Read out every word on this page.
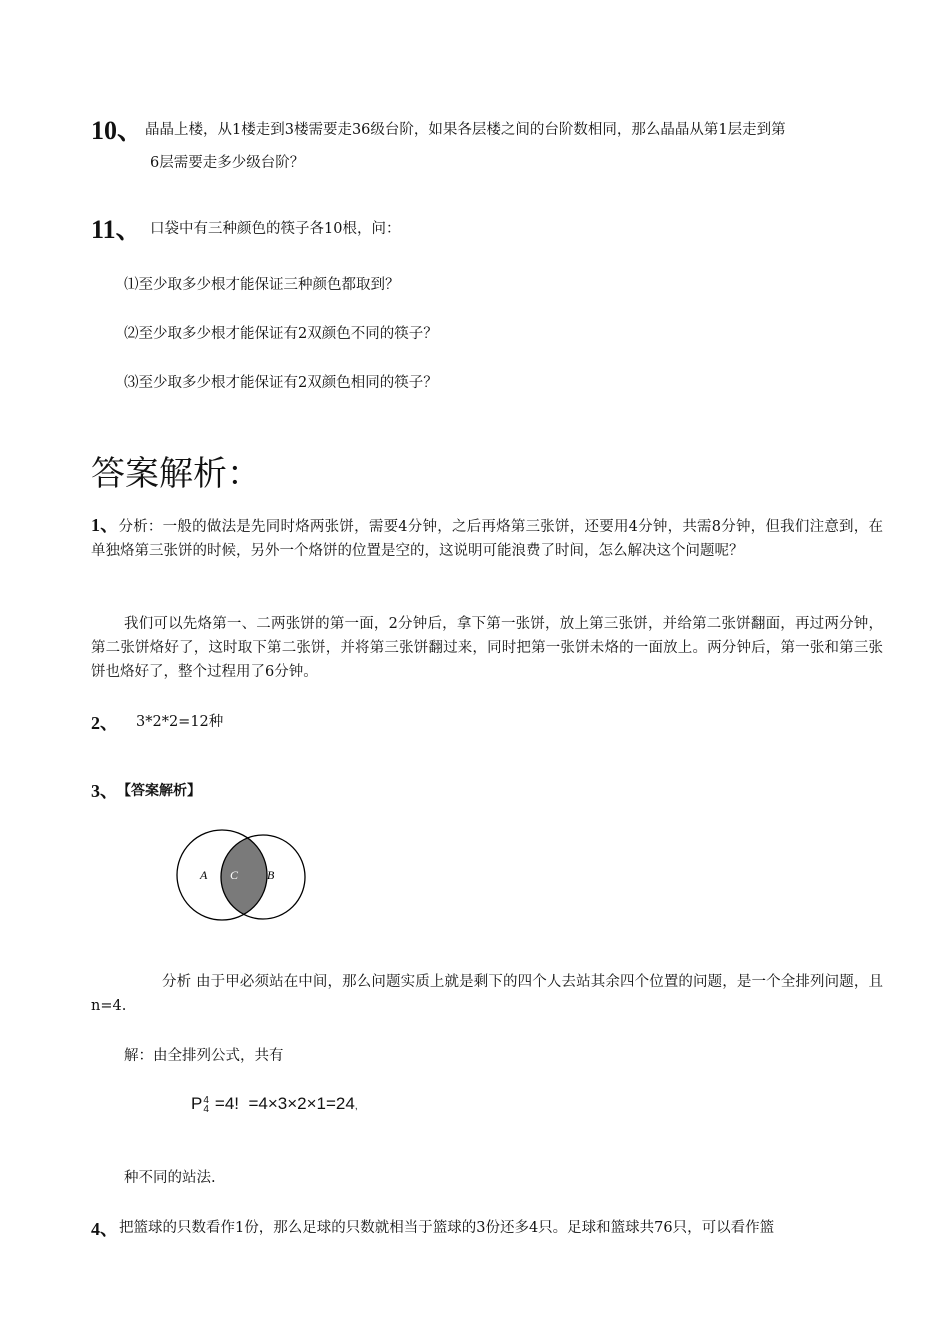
10、 晶晶上楼，从1楼走到3楼需要走36级台阶，如果各层楼之间的台阶数相同，那么晶晶从第1层走到第
6层需要走多少级台阶？
11、 口袋中有三种颜色的筷子各10根，问：
⑴至少取多少根才能保证三种颜色都取到？
⑵至少取多少根才能保证有2双颜色不同的筷子？
⑶至少取多少根才能保证有2双颜色相同的筷子？
答案解析：
1、分析：一般的做法是先同时烙两张饼，需要4分钟，之后再烙第三张饼，还要用4分钟，共需8分钟，但我们注意到，在单独烙第三张饼的时候，另外一个烙饼的位置是空的，这说明可能浪费了时间，怎么解决这个问题呢？
我们可以先烙第一、二两张饼的第一面，2分钟后，拿下第一张饼，放上第三张饼，并给第二张饼翻面，再过两分钟，第二张饼烙好了，这时取下第二张饼，并将第三张饼翻过来，同时把第一张饼未烙的一面放上。两分钟后，第一张和第三张饼也烙好了，整个过程用了6分钟。
2、 3*2*2=12种
3、 【答案解析】
A C B
分析 由于甲必须站在中间，那么问题实质上就是剩下的四个人去站其余四个位置的问题，是一个全排列问题，且n=4.
解：由全排列公式，共有
P 4
4 =4!  =4×3×2×1=24,
种不同的站法.
4、 把篮球的只数看作1份，那么足球的只数就相当于篮球的3份还多4只。足球和篮球共76只，可以看作篮
